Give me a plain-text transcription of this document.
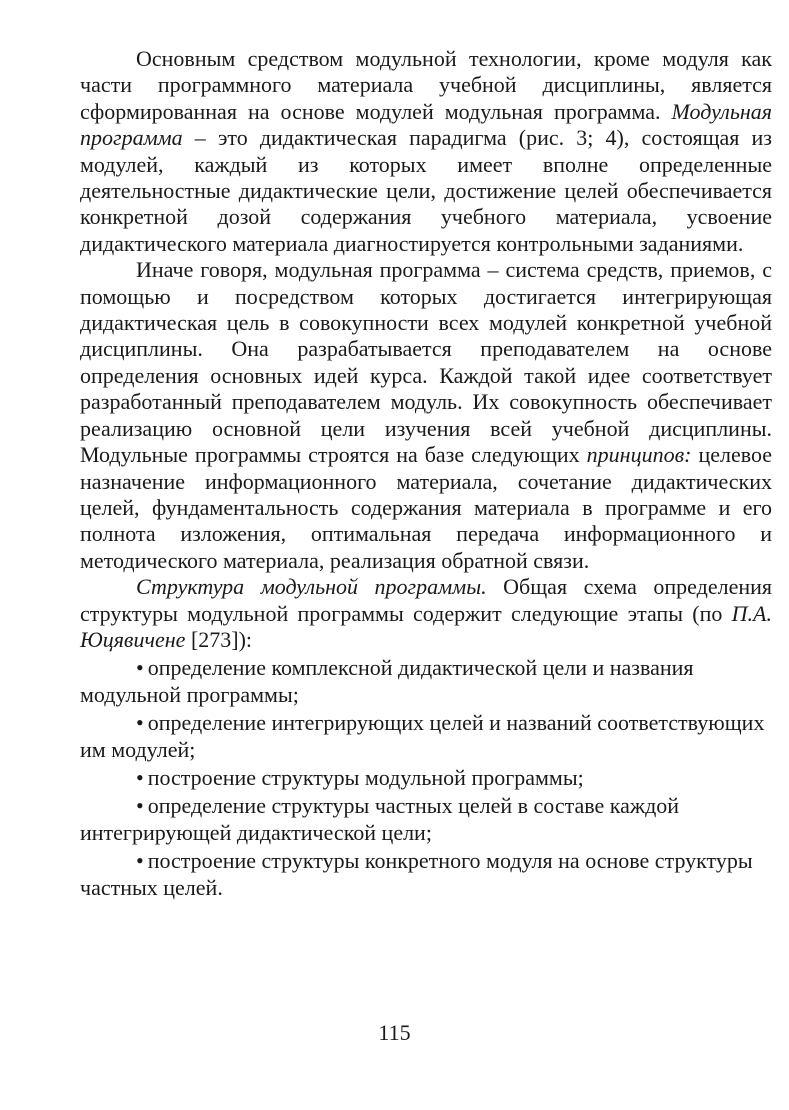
Основным средством модульной технологии, кроме модуля как части программного материала учебной дисциплины, является сформированная на основе модулей модульная программа. Модульная программа – это дидактическая парадигма (рис. 3; 4), состоящая из модулей, каждый из которых имеет вполне определенные деятельностные дидактические цели, достижение целей обеспечивается конкретной дозой содержания учебного материала, усвоение дидактического материала диагностируется контрольными заданиями.

Иначе говоря, модульная программа – система средств, приемов, с помощью и посредством которых достигается интегрирующая дидактическая цель в совокупности всех модулей конкретной учебной дисциплины. Она разрабатывается преподавателем на основе определения основных идей курса. Каждой такой идее соответствует разработанный преподавателем модуль. Их совокупность обеспечивает реализацию основной цели изучения всей учебной дисциплины. Модульные программы строятся на базе следующих принципов: целевое назначение информационного материала, сочетание дидактических целей, фундаментальность содержания материала в программе и его полнота изложения, оптимальная передача информационного и методического материала, реализация обратной связи.

Структура модульной программы. Общая схема определения структуры модульной программы содержит следующие этапы (по П.А. Юцявичене [273]):

• определение комплексной дидактической цели и названия модульной программы;

• определение интегрирующих целей и названий соответствующих им модулей;

• построение структуры модульной программы;

• определение структуры частных целей в составе каждой интегрирующей дидактической цели;

• построение структуры конкретного модуля на основе структуры частных целей.

115
